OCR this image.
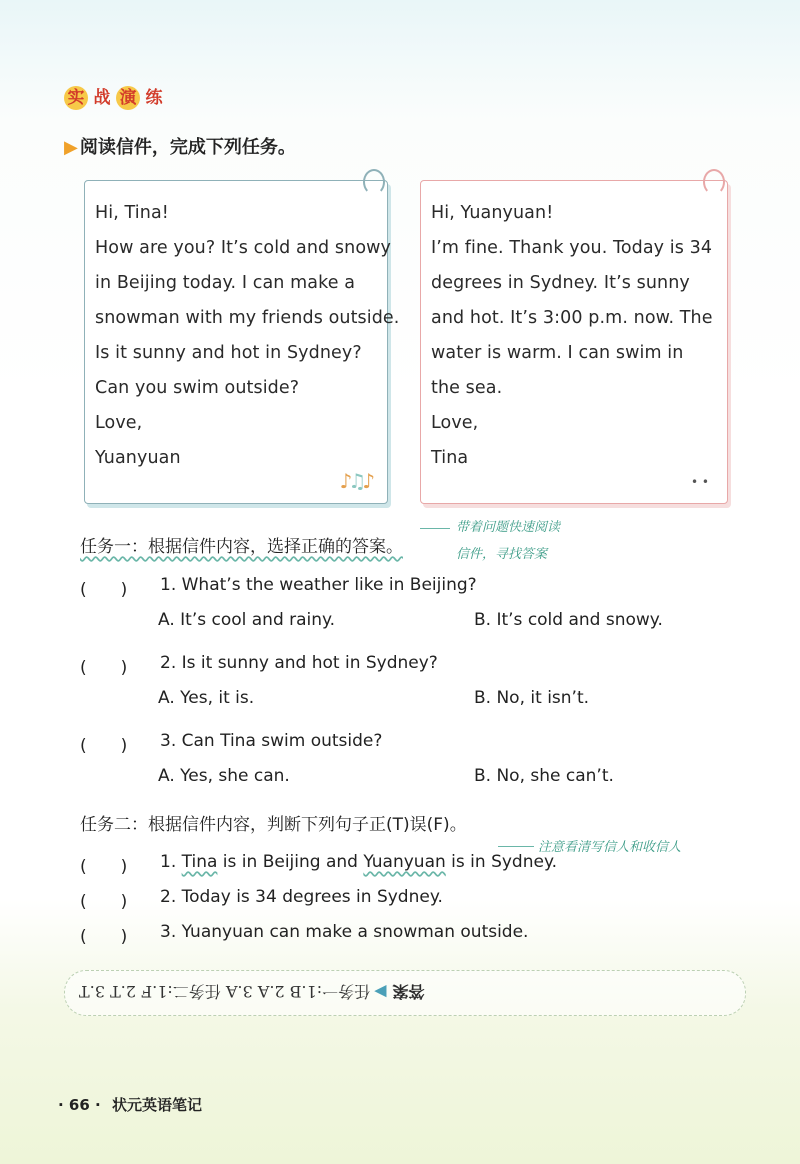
实 战 演 练
▶ 阅读信件，完成下列任务。
Hi, Tina!
How are you? It’s cold and snowy
in Beijing today. I can make a
snowman with my friends outside.
Is it sunny and hot in Sydney?
Can you swim outside?
Love,
Yuanyuan
♪♫♪
Hi, Yuanyuan!
I’m fine. Thank you. Today is 34
degrees in Sydney. It’s sunny
and hot. It’s 3:00 p.m. now. The
water is warm. I can swim in
the sea.
Love,
Tina
• •
任务一：根据信件内容，选择正确的答案。
带着问题快速阅读
信件，寻找答案
(　　)	1. What’s the weather like in Beijing?
A. It’s cool and rainy.	B. It’s cold and snowy.
(　　)	2. Is it sunny and hot in Sydney?
A. Yes, it is.	B. No, it isn’t.
(　　)	3. Can Tina swim outside?
A. Yes, she can.	B. No, she can’t.
任务二：根据信件内容，判断下列句子正(T)误(F)。
注意看清写信人和收信人
(　　)	1. Tina is in Beijing and Yuanyuan is in Sydney.
(　　)	2. Today is 34 degrees in Sydney.
(　　)	3. Yuanyuan can make a snowman outside.
答案
▶
任务一:1.B 2.A 3.A 任务二:1.F 2.T 3.T
· 66 · 状元英语笔记
